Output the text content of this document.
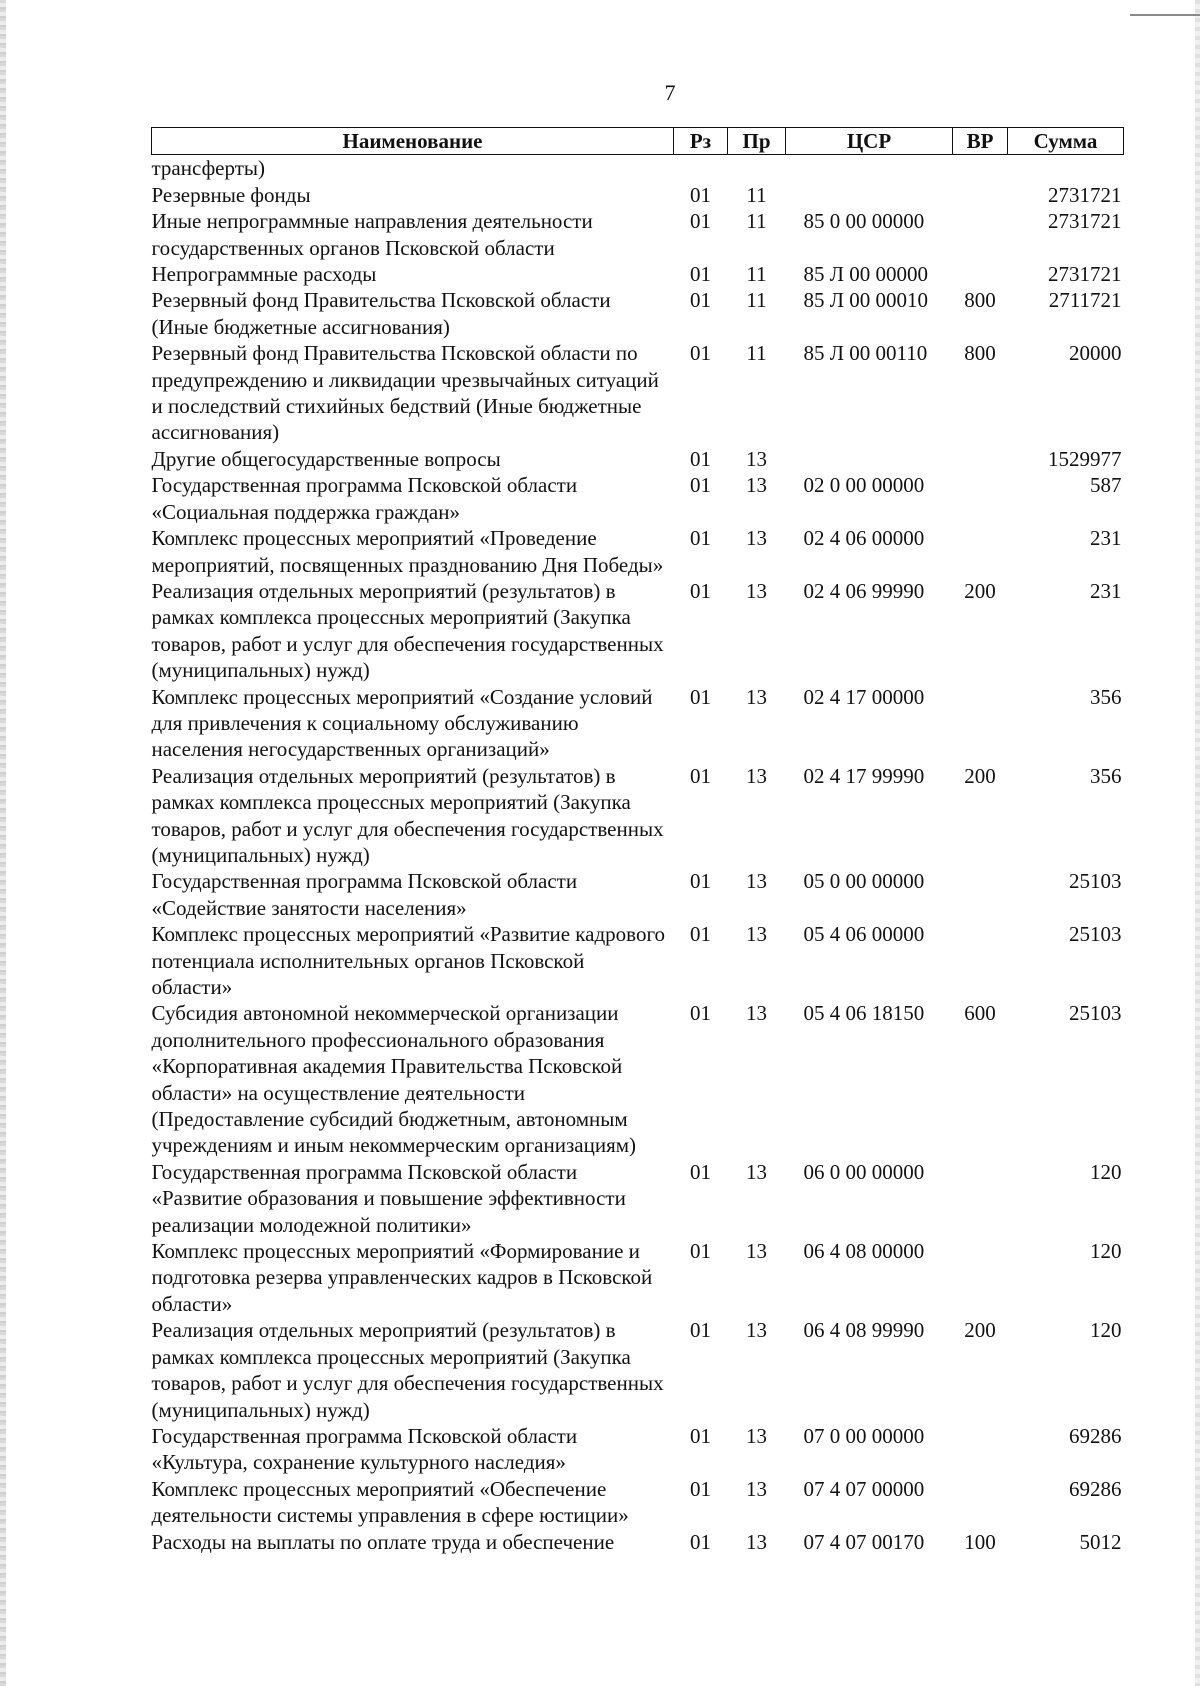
7
Наименование	Рз	Пр	ЦСР	ВР	Сумма
трансферты)					
Резервные фонды	01	11			2731721
Иные непрограммные направления деятельности государственных органов Псковской области	01	11	85 0 00 00000		2731721
Непрограммные расходы	01	11	85 Л 00 00000		2731721
Резервный фонд Правительства Псковской области (Иные бюджетные ассигнования)	01	11	85 Л 00 00010	800	2711721
Резервный фонд Правительства Псковской области по предупреждению и ликвидации чрезвычайных ситуаций и последствий стихийных бедствий (Иные бюджетные ассигнования)	01	11	85 Л 00 00110	800	20000
Другие общегосударственные вопросы	01	13			1529977
Государственная программа Псковской области «Социальная поддержка граждан»	01	13	02 0 00 00000		587
Комплекс процессных мероприятий «Проведение мероприятий, посвященных празднованию Дня Победы»	01	13	02 4 06 00000		231
Реализация отдельных мероприятий (результатов) в рамках комплекса процессных мероприятий (Закупка товаров, работ и услуг для обеспечения государственных (муниципальных) нужд)	01	13	02 4 06 99990	200	231
Комплекс процессных мероприятий «Создание условий для привлечения к социальному обслуживанию населения негосударственных организаций»	01	13	02 4 17 00000		356
Реализация отдельных мероприятий (результатов) в рамках комплекса процессных мероприятий (Закупка товаров, работ и услуг для обеспечения государственных (муниципальных) нужд)	01	13	02 4 17 99990	200	356
Государственная программа Псковской области «Содействие занятости населения»	01	13	05 0 00 00000		25103
Комплекс процессных мероприятий «Развитие кадрового потенциала исполнительных органов Псковской области»	01	13	05 4 06 00000		25103
Субсидия автономной некоммерческой организации дополнительного профессионального образования «Корпоративная академия Правительства Псковской области» на осуществление деятельности (Предоставление субсидий бюджетным, автономным учреждениям и иным некоммерческим организациям)	01	13	05 4 06 18150	600	25103
Государственная программа Псковской области «Развитие образования и повышение эффективности реализации молодежной политики»	01	13	06 0 00 00000		120
Комплекс процессных мероприятий «Формирование и подготовка резерва управленческих кадров в Псковской области»	01	13	06 4 08 00000		120
Реализация отдельных мероприятий (результатов) в рамках комплекса процессных мероприятий (Закупка товаров, работ и услуг для обеспечения государственных (муниципальных) нужд)	01	13	06 4 08 99990	200	120
Государственная программа Псковской области «Культура, сохранение культурного наследия»	01	13	07 0 00 00000		69286
Комплекс процессных мероприятий «Обеспечение деятельности системы управления в сфере юстиции»	01	13	07 4 07 00000		69286
Расходы на выплаты по оплате труда и обеспечение	01	13	07 4 07 00170	100	5012
